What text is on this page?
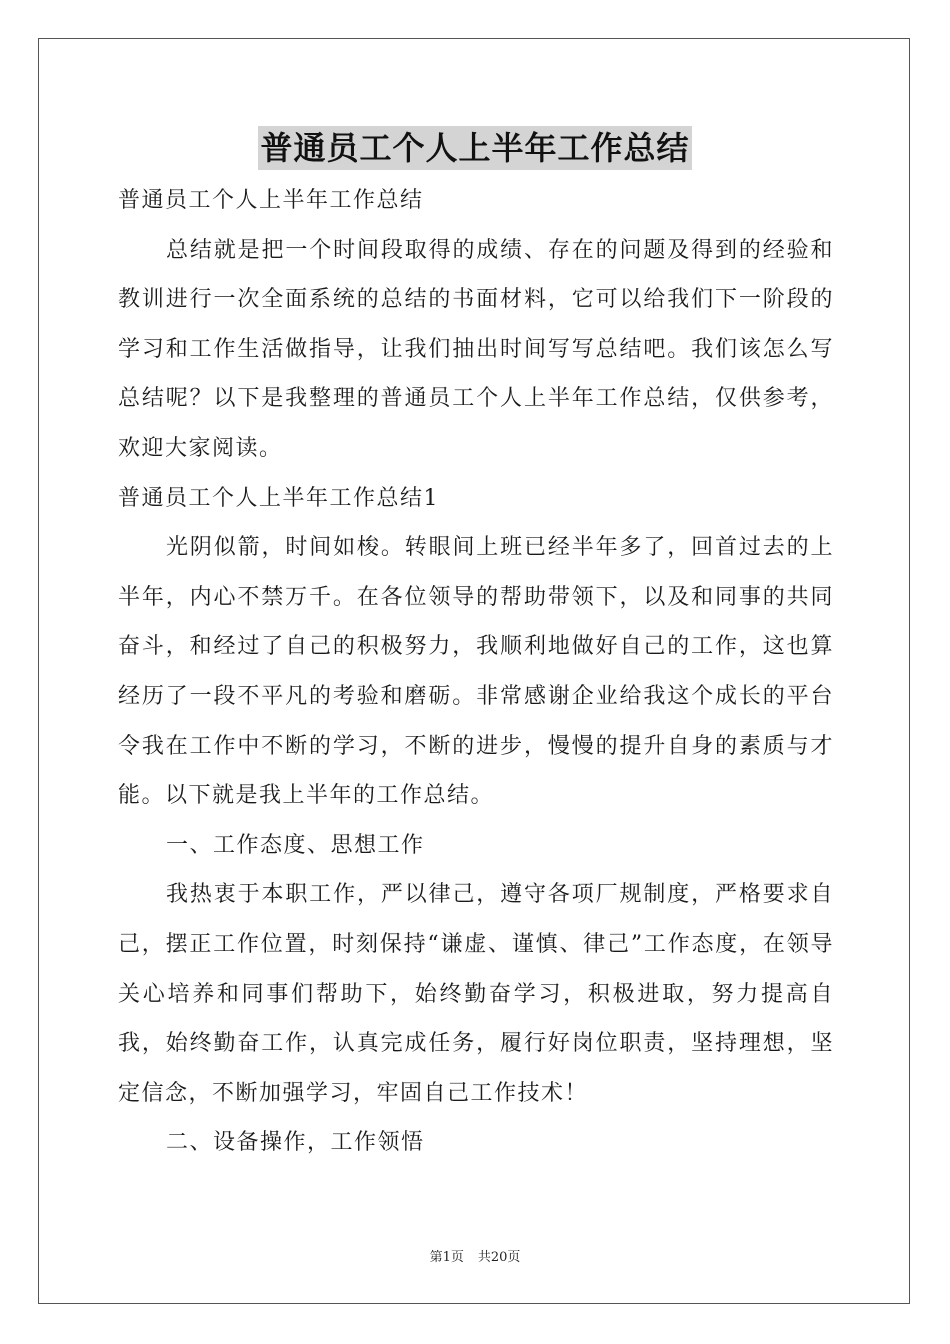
普通员工个人上半年工作总结

普通员工个人上半年工作总结

总结就是把一个时间段取得的成绩、存在的问题及得到的经验和教训进行一次全面系统的总结的书面材料，它可以给我们下一阶段的学习和工作生活做指导，让我们抽出时间写写总结吧。我们该怎么写总结呢？以下是我整理的普通员工个人上半年工作总结，仅供参考，欢迎大家阅读。

普通员工个人上半年工作总结1

光阴似箭，时间如梭。转眼间上班已经半年多了，回首过去的上半年，内心不禁万千。在各位领导的帮助带领下，以及和同事的共同奋斗，和经过了自己的积极努力，我顺利地做好自己的工作，这也算经历了一段不平凡的考验和磨砺。非常感谢企业给我这个成长的平台令我在工作中不断的学习，不断的进步，慢慢的提升自身的素质与才能。以下就是我上半年的工作总结。

一、工作态度、思想工作

我热衷于本职工作，严以律己，遵守各项厂规制度，严格要求自己，摆正工作位置，时刻保持“谦虚、谨慎、律己”工作态度，在领导关心培养和同事们帮助下，始终勤奋学习，积极进取，努力提高自我，始终勤奋工作，认真完成任务，履行好岗位职责，坚持理想，坚定信念，不断加强学习，牢固自己工作技术！

二、设备操作，工作领悟

第1页 共20页
